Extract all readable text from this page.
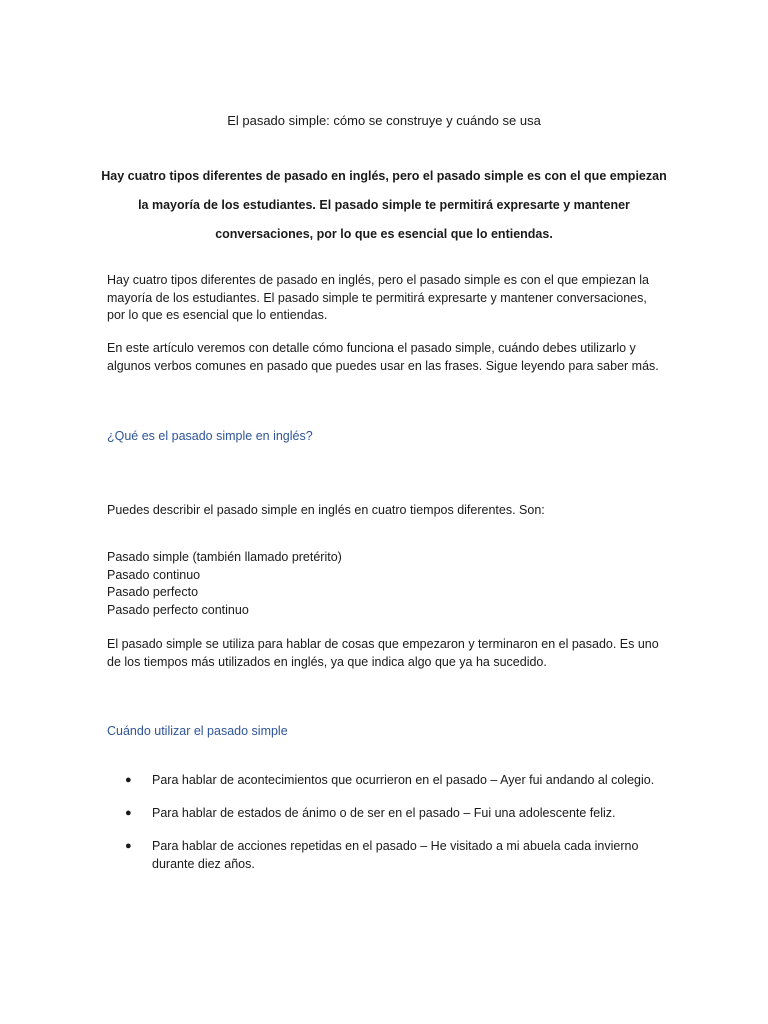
El pasado simple: cómo se construye y cuándo se usa

Hay cuatro tipos diferentes de pasado en inglés, pero el pasado simple es con el que empiezan la mayoría de los estudiantes. El pasado simple te permitirá expresarte y mantener conversaciones, por lo que es esencial que lo entiendas.

Hay cuatro tipos diferentes de pasado en inglés, pero el pasado simple es con el que empiezan la mayoría de los estudiantes. El pasado simple te permitirá expresarte y mantener conversaciones, por lo que es esencial que lo entiendas.

En este artículo veremos con detalle cómo funciona el pasado simple, cuándo debes utilizarlo y algunos verbos comunes en pasado que puedes usar en las frases. Sigue leyendo para saber más.

¿Qué es el pasado simple en inglés?

Puedes describir el pasado simple en inglés en cuatro tiempos diferentes. Son:

Pasado simple (también llamado pretérito)
Pasado continuo
Pasado perfecto
Pasado perfecto continuo

El pasado simple se utiliza para hablar de cosas que empezaron y terminaron en el pasado. Es uno de los tiempos más utilizados en inglés, ya que indica algo que ya ha sucedido.

Cuándo utilizar el pasado simple
● Para hablar de acontecimientos que ocurrieron en el pasado – Ayer fui andando al colegio.
● Para hablar de estados de ánimo o de ser en el pasado – Fui una adolescente feliz.
● Para hablar de acciones repetidas en el pasado – He visitado a mi abuela cada invierno durante diez años.
